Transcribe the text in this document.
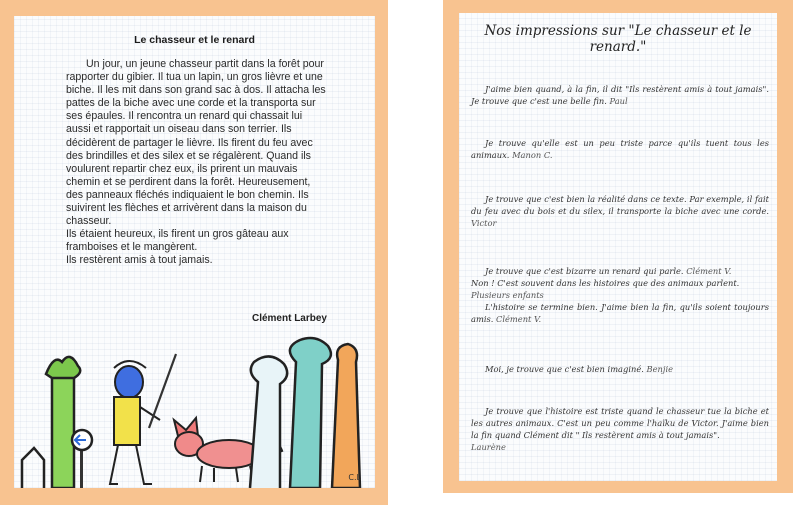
Le chasseur et le renard

Un jour, un jeune chasseur partit dans la forêt pour rapporter du gibier. Il tua un lapin, un gros lièvre et une biche. Il les mit dans son grand sac à dos. Il attacha les pattes de la biche avec une corde et la transporta sur ses épaules. Il rencontra un renard qui chassait lui aussi et rapportait un oiseau dans son terrier. Ils décidèrent de partager le lièvre. Ils firent du feu avec des brindilles et des silex et se régalèrent. Quand ils voulurent repartir chez eux, ils prirent un mauvais chemin et se perdirent dans la forêt. Heureusement, des panneaux fléchés indiquaient le bon chemin. Ils suivirent les flèches et arrivèrent dans la maison du chasseur.

Ils étaient heureux, ils firent un gros gâteau aux framboises et le mangèrent.

Ils restèrent amis à tout jamais.

Clément Larbey
C.L
Nos impressions sur "Le chasseur et le renard."
J'aime bien quand, à la fin, il dit "Ils restèrent amis à tout jamais". Je trouve que c'est une belle fin. Paul
Je trouve qu'elle est un peu triste parce qu'ils tuent tous les animaux. Manon C.
Je trouve que c'est bien la réalité dans ce texte. Par exemple, il fait du feu avec du bois et du silex, il transporte la biche avec une corde. Victor
Je trouve que c'est bizarre un renard qui parle. Clément V.
Non ! C'est souvent dans les histoires que des animaux parlent.
Plusieurs enfants
L'histoire se termine bien. J'aime bien la fin, qu'ils soient toujours amis. Clément V.
Moi, je trouve que c'est bien imaginé. Benjie
Je trouve que l'histoire est triste quand le chasseur tue la biche et les autres animaux. C'est un peu comme l'haïku de Victor. J'aime bien la fin quand Clément dit " Ils restèrent amis à tout jamais".
Laurène
